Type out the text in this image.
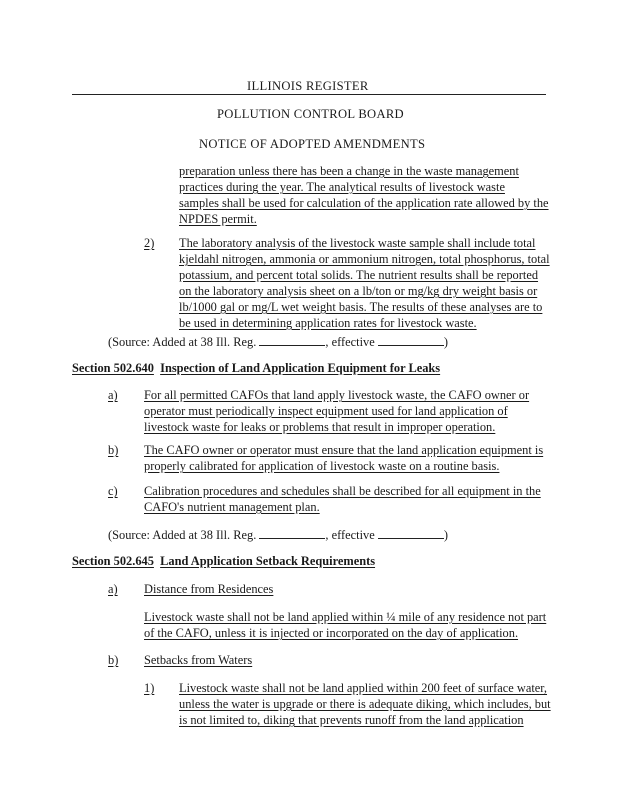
ILLINOIS REGISTER
POLLUTION CONTROL BOARD
NOTICE OF ADOPTED AMENDMENTS
preparation unless there has been a change in the waste management
practices during the year. The analytical results of livestock waste
samples shall be used for calculation of the application rate allowed by the
NPDES permit.
2) The laboratory analysis of the livestock waste sample shall include total
kjeldahl nitrogen, ammonia or ammonium nitrogen, total phosphorus, total
potassium, and percent total solids. The nutrient results shall be reported
on the laboratory analysis sheet on a lb/ton or mg/kg dry weight basis or
lb/1000 gal or mg/L wet weight basis. The results of these analyses are to
be used in determining application rates for livestock waste.
(Source: Added at 38 Ill. Reg.	, effective	)
Section 502.640 Inspection of Land Application Equipment for Leaks
a) For all permitted CAFOs that land apply livestock waste, the CAFO owner or
operator must periodically inspect equipment used for land application of
livestock waste for leaks or problems that result in improper operation.
b) The CAFO owner or operator must ensure that the land application equipment is
properly calibrated for application of livestock waste on a routine basis.
c) Calibration procedures and schedules shall be described for all equipment in the
CAFO's nutrient management plan.
(Source: Added at 38 Ill. Reg.	, effective	)
Section 502.645 Land Application Setback Requirements
a) Distance from Residences
Livestock waste shall not be land applied within ¼ mile of any residence not part
of the CAFO, unless it is injected or incorporated on the day of application.
b) Setbacks from Waters
1) Livestock waste shall not be land applied within 200 feet of surface water,
unless the water is upgrade or there is adequate diking, which includes, but
is not limited to, diking that prevents runoff from the land application
